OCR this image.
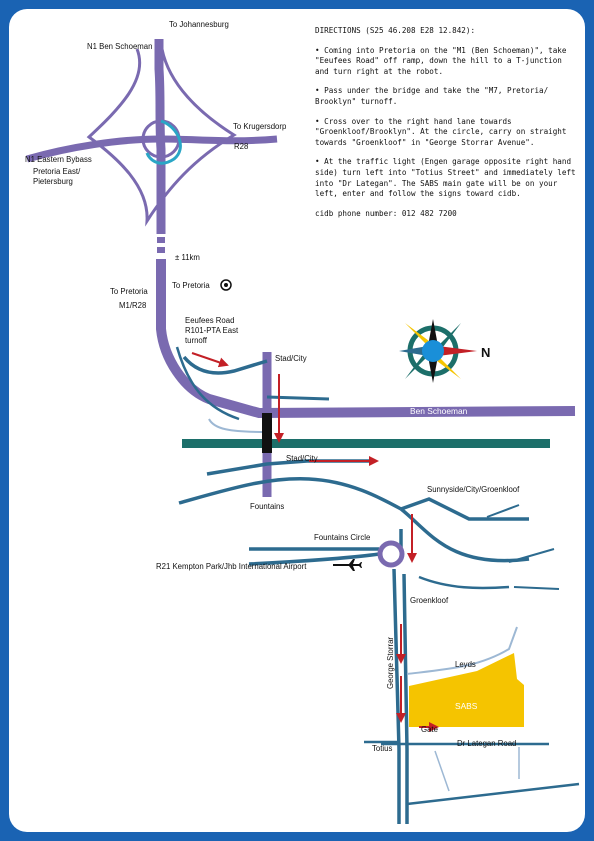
N
To Johannesburg
N1 Ben Schoeman
To Krugersdorp
R28
N1 Eastern Bybass
Pretoria East/
Pietersburg
± 11km
To Pretoria
To Pretoria
M1/R28
Eeufees Road
R101-PTA East
turnoff
Stad/City
Ben Schoeman
Stad/City
Sunnyside/City/Groenkloof
Fountains
Fountains Circle
R21 Kempton Park/Jhb International Airport
Groenkloof
George Storrar	Leyds
SABS
Gate
Totius
Dr Lategan Road

DIRECTIONS (S25 46.208 E28 12.842):

• Coming into Pretoria on the "M1 (Ben Schoeman)", take "Eeufees Road" off ramp, down the hill to a T-junction and turn right at the robot.

• Pass under the bridge and take the "M7, Pretoria/ Brooklyn" turnoff.

• Cross over to the right hand lane towards "Groenkloof/Brooklyn". At the circle, carry on straight towards "Groenkloof" in "George Storrar Avenue".

• At the traffic light (Engen garage opposite right hand side) turn left into "Totius Street" and immediately left into "Dr Lategan". The SABS main gate will be on your left, enter and follow the signs toward cidb.

cidb phone number: 012 482 7200
